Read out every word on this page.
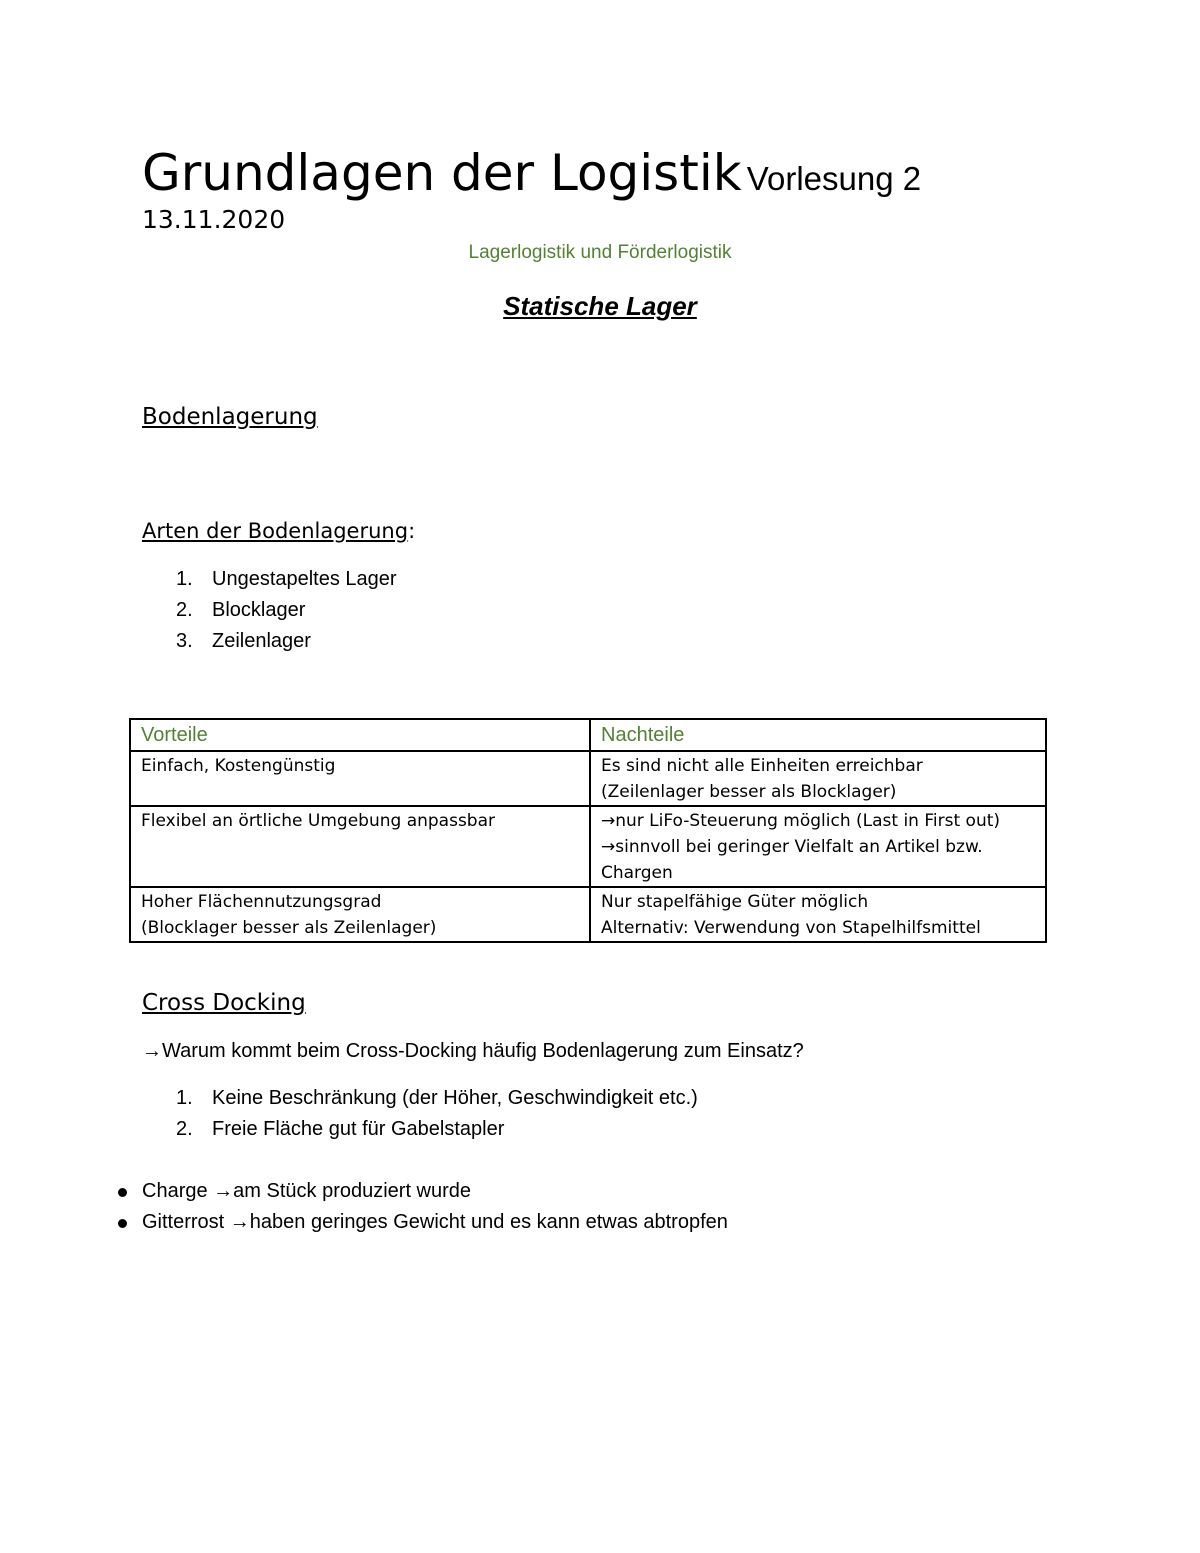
Grundlagen der Logistik Vorlesung 2
13.11.2020
Lagerlogistik und Förderlogistik
Statische Lager
Bodenlagerung
Arten der Bodenlagerung:
1. Ungestapeltes Lager
2. Blocklager
3. Zeilenlager
Vorteile	Nachteile

Einfach, Kostengünstig	Es sind nicht alle Einheiten erreichbar
(Zeilenlager besser als Blocklager)

Flexibel an örtliche Umgebung anpassbar	→nur LiFo-Steuerung möglich (Last in First out)
→sinnvoll bei geringer Vielfalt an Artikel bzw.
Chargen

Hoher Flächennutzungsgrad
(Blocklager besser als Zeilenlager)	Nur stapelfähige Güter möglich
Alternativ: Verwendung von Stapelhilfsmittel
Cross Docking
→Warum kommt beim Cross-Docking häufig Bodenlagerung zum Einsatz?
1. Keine Beschränkung (der Höher, Geschwindigkeit etc.)
2. Freie Fläche gut für Gabelstapler
Charge →am Stück produziert wurde
Gitterrost →haben geringes Gewicht und es kann etwas abtropfen
